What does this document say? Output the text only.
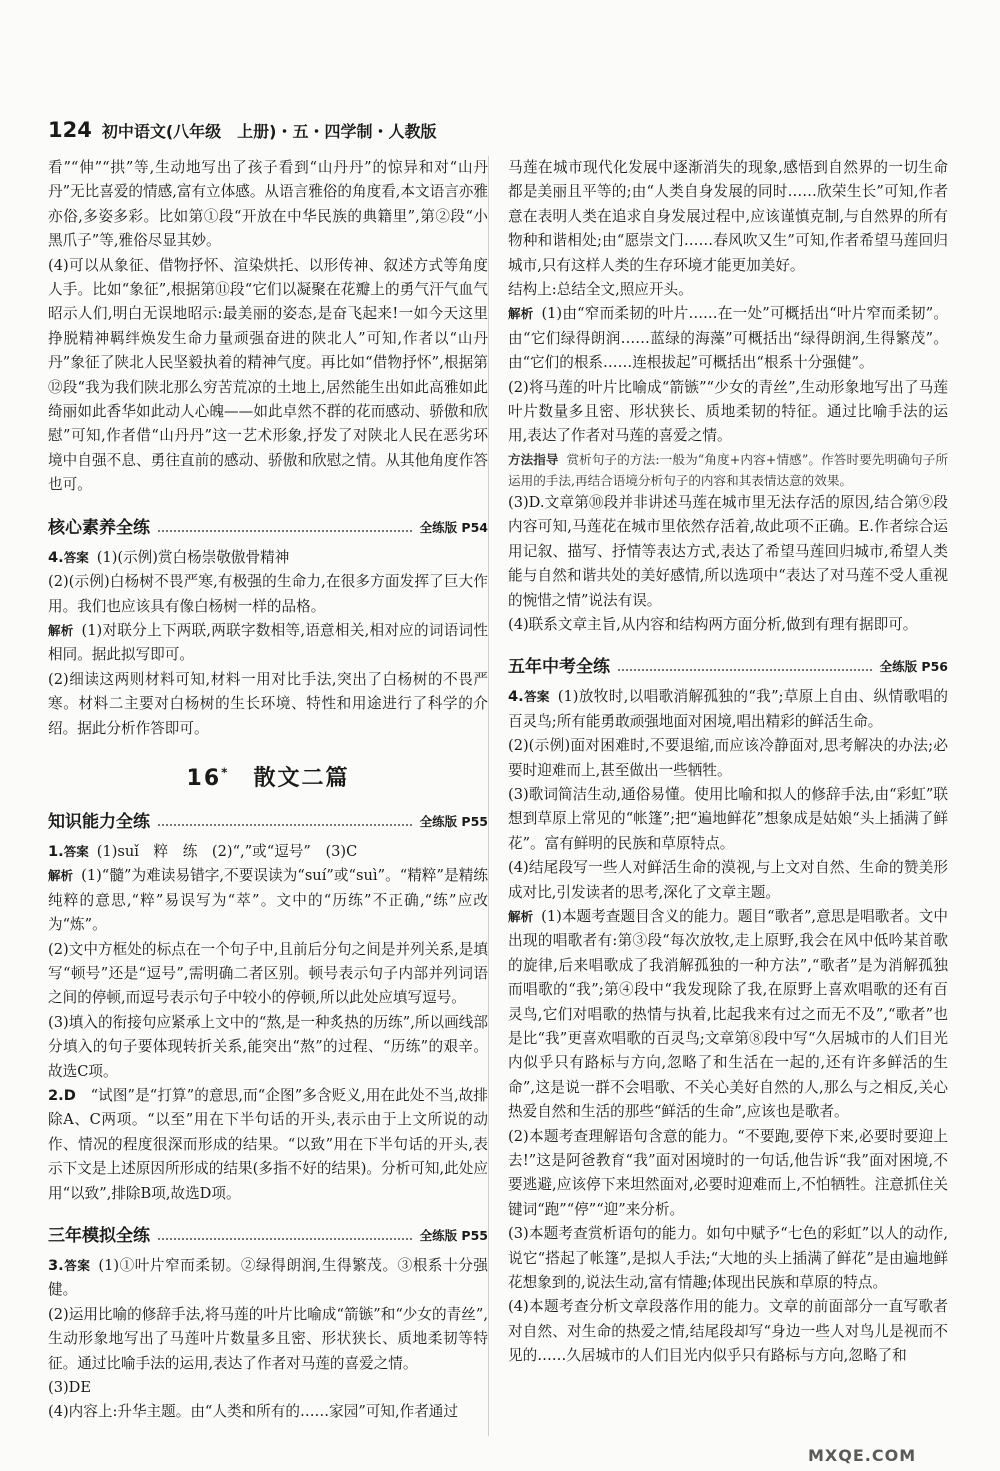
124 初中语文(八年级　上册)・五・四学制・人教版

看”“伸”“拱”等,生动地写出了孩子看到“山丹丹”的惊异和对“山丹丹”无比喜爱的情感,富有立体感。从语言雅俗的角度看,本文语言亦雅亦俗,多姿多彩。比如第①段“开放在中华民族的典籍里”,第②段“小黑爪子”等,雅俗尽显其妙。

(4)可以从象征、借物抒怀、渲染烘托、以形传神、叙述方式等角度人手。比如“象征”,根据第⑪段“它们以凝聚在花瓣上的勇气汗气血气昭示人们,明白无误地昭示:最美丽的姿态,是奋飞起来!一如今天这里挣脱精神羁绊焕发生命力量顽强奋进的陕北人”可知,作者以“山丹丹”象征了陕北人民坚毅执着的精神气度。再比如“借物抒怀”,根据第⑫段“我为我们陕北那么穷苦荒凉的土地上,居然能生出如此高雅如此绮丽如此香华如此动人心魄——如此卓然不群的花而感动、骄傲和欣慰”可知,作者借“山丹丹”这一艺术形象,抒发了对陕北人民在恶劣环境中自强不息、勇往直前的感动、骄傲和欣慰之情。从其他角度作答也可。

核心素养全练	全练版 P54

4.答案 (1)(示例)赏白杨崇敬傲骨精神

(2)(示例)白杨树不畏严寒,有极强的生命力,在很多方面发挥了巨大作用。我们也应该具有像白杨树一样的品格。

解析 (1)对联分上下两联,两联字数相等,语意相关,相对应的词语词性相同。据此拟写即可。

(2)细读这两则材料可知,材料一用对比手法,突出了白杨树的不畏严寒。材料二主要对白杨树的生长环境、特性和用途进行了科学的介绍。据此分析作答即可。

16*　 散文二篇
知识能力全练	全练版 P55

1.答案 (1)suǐ　粹　练　(2)“,”或“逗号”　(3)C

解析 (1)“髓”为难读易错字,不要误读为“suí”或“suì”。“精粹”是精练纯粹的意思,“粹”易误写为“萃”。文中的“历练”不正确,“练”应改为“炼”。

(2)文中方框处的标点在一个句子中,且前后分句之间是并列关系,是填写“顿号”还是“逗号”,需明确二者区别。顿号表示句子内部并列词语之间的停顿,而逗号表示句子中较小的停顿,所以此处应填写逗号。

(3)填入的衔接句应紧承上文中的“熬,是一种炙热的历练”,所以画线部分填入的句子要体现转折关系,能突出“熬”的过程、“历练”的艰辛。故选C项。

2.D　 “试图”是“打算”的意思,而“企图”多含贬义,用在此处不当,故排除A、C两项。“以至”用在下半句话的开头,表示由于上文所说的动作、情况的程度很深而形成的结果。“以致”用在下半句话的开头,表示下文是上述原因所形成的结果(多指不好的结果)。分析可知,此处应用“以致”,排除B项,故选D项。

三年模拟全练	全练版 P55

3.答案 (1)①叶片窄而柔韧。②绿得朗润,生得繁茂。③根系十分强健。

(2)运用比喻的修辞手法,将马莲的叶片比喻成“箭镞”和“少女的青丝”,生动形象地写出了马莲叶片数量多且密、形状狭长、质地柔韧等特征。通过比喻手法的运用,表达了作者对马莲的喜爱之情。

(3)DE

(4)内容上:升华主题。由“人类和所有的……家园”可知,作者通过

马莲在城市现代化发展中逐渐消失的现象,感悟到自然界的一切生命都是美丽且平等的;由“人类自身发展的同时……欣荣生长”可知,作者意在表明人类在追求自身发展过程中,应该谨慎克制,与自然界的所有物种和谐相处;由“愿崇文门……春风吹又生”可知,作者希望马莲回归城市,只有这样人类的生存环境才能更加美好。

结构上:总结全文,照应开头。

解析 (1)由“窄而柔韧的叶片……在一处”可概括出“叶片窄而柔韧”。由“它们绿得朗润……蓝绿的海藻”可概括出“绿得朗润,生得繁茂”。由“它们的根系……连根拔起”可概括出“根系十分强健”。

(2)将马莲的叶片比喻成“箭镞”“少女的青丝”,生动形象地写出了马莲叶片数量多且密、形状狭长、质地柔韧的特征。通过比喻手法的运用,表达了作者对马莲的喜爱之情。

方法指导 赏析句子的方法:一般为“角度+内容+情感”。作答时要先明确句子所运用的手法,再结合语境分析句子的内容和其表情达意的效果。

(3)D.文章第⑩段并非讲述马莲在城市里无法存活的原因,结合第⑨段内容可知,马莲花在城市里依然存活着,故此项不正确。E.作者综合运用记叙、描写、抒情等表达方式,表达了希望马莲回归城市,希望人类能与自然和谐共处的美好感情,所以选项中“表达了对马莲不受人重视的惋惜之情”说法有误。

(4)联系文章主旨,从内容和结构两方面分析,做到有理有据即可。

五年中考全练	全练版 P56

4.答案 (1)放牧时,以唱歌消解孤独的“我”;草原上自由、纵情歌唱的百灵鸟;所有能勇敢顽强地面对困境,唱出精彩的鲜活生命。

(2)(示例)面对困难时,不要退缩,而应该冷静面对,思考解决的办法;必要时迎难而上,甚至做出一些牺牲。

(3)歌词简洁生动,通俗易懂。使用比喻和拟人的修辞手法,由“彩虹”联想到草原上常见的“帐篷”;把“遍地鲜花”想象成是姑娘“头上插满了鲜花”。富有鲜明的民族和草原特点。

(4)结尾段写一些人对鲜活生命的漠视,与上文对自然、生命的赞美形成对比,引发读者的思考,深化了文章主题。

解析 (1)本题考查题目含义的能力。题目“歌者”,意思是唱歌者。文中出现的唱歌者有:第③段“每次放牧,走上原野,我会在风中低吟某首歌的旋律,后来唱歌成了我消解孤独的一种方法”,“歌者”是为消解孤独而唱歌的“我”;第④段中“我发现除了我,在原野上喜欢唱歌的还有百灵鸟,它们对唱歌的热情与执着,比起我来有过之而无不及”,“歌者”也是比“我”更喜欢唱歌的百灵鸟;文章第⑧段中写“久居城市的人们目光内似乎只有路标与方向,忽略了和生活在一起的,还有许多鲜活的生命”,这是说一群不会唱歌、不关心美好自然的人,那么与之相反,关心热爱自然和生活的那些“鲜活的生命”,应该也是歌者。

(2)本题考查理解语句含意的能力。“不要跑,要停下来,必要时要迎上去!”这是阿爸教育“我”面对困境时的一句话,他告诉“我”面对困境,不要逃避,应该停下来坦然面对,必要时迎难而上,不怕牺牲。注意抓住关键词“跑”“停”“迎”来分析。

(3)本题考查赏析语句的能力。如句中赋予“七色的彩虹”以人的动作,说它“搭起了帐篷”,是拟人手法;“大地的头上插满了鲜花”是由遍地鲜花想象到的,说法生动,富有情趣;体现出民族和草原的特点。

(4)本题考查分析文章段落作用的能力。文章的前面部分一直写歌者对自然、对生命的热爱之情,结尾段却写“身边一些人对鸟儿是视而不见的……久居城市的人们目光内似乎只有路标与方向,忽略了和

MXQE.COM
